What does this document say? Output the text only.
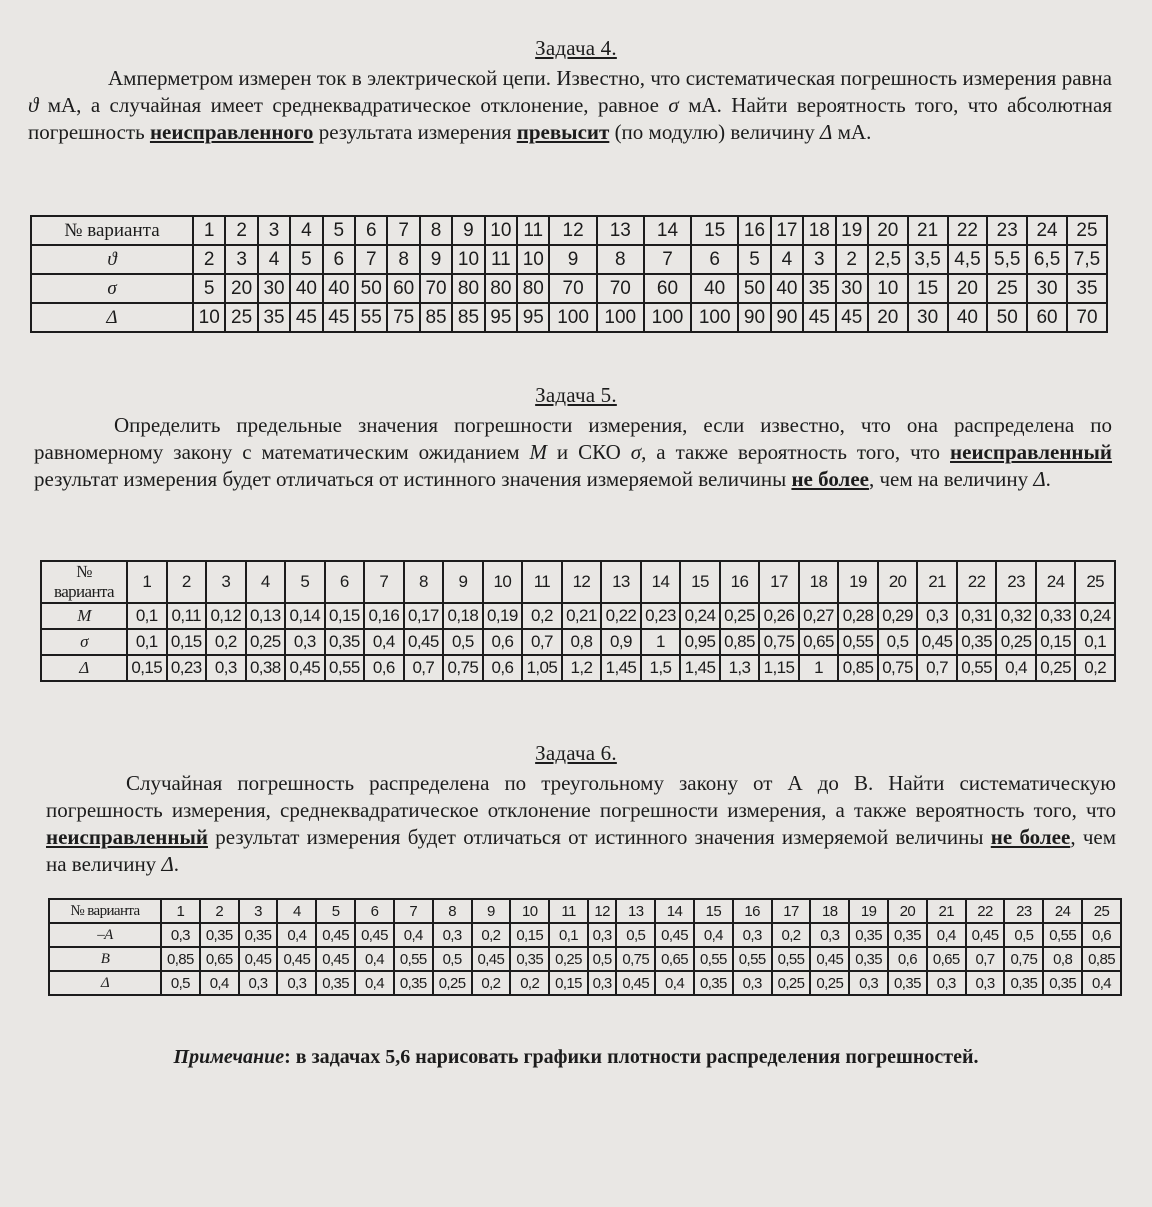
Задача 4.

Амперметром измерен ток в электрической цепи. Известно, что систематическая погрешность измерения равна ϑ мА, а случайная имеет среднеквадратическое отклонение, равное σ мА. Найти вероятность того, что абсолютная погрешность неисправленного результата измерения превысит (по модулю) величину Δ мА.

№ варианта	1	2	3	4	5	6	7	8	9	10	11	12	13	14	15	16	17	18	19	20	21	22	23	24	25
ϑ	2	3	4	5	6	7	8	9	10	11	10	9	8	7	6	5	4	3	2	2,5	3,5	4,5	5,5	6,5	7,5
σ	5	20	30	40	40	50	60	70	80	80	80	70	70	60	40	50	40	35	30	10	15	20	25	30	35
Δ	10	25	35	45	45	55	75	85	85	95	95	100	100	100	100	90	90	45	45	20	30	40	50	60	70
Задача 5.

Определить предельные значения погрешности измерения, если известно, что она распределена по равномерному закону с математическим ожиданием M и СКО σ, а также вероятность того, что неисправленный результат измерения будет отличаться от истинного значения измеряемой величины не более, чем на величину Δ.

№
варианта	1	2	3	4	5	6	7	8	9	10	11	12	13	14	15	16	17	18	19	20	21	22	23	24	25
M	0,1	0,11	0,12	0,13	0,14	0,15	0,16	0,17	0,18	0,19	0,2	0,21	0,22	0,23	0,24	0,25	0,26	0,27	0,28	0,29	0,3	0,31	0,32	0,33	0,24
σ	0,1	0,15	0,2	0,25	0,3	0,35	0,4	0,45	0,5	0,6	0,7	0,8	0,9	1	0,95	0,85	0,75	0,65	0,55	0,5	0,45	0,35	0,25	0,15	0,1
Δ	0,15	0,23	0,3	0,38	0,45	0,55	0,6	0,7	0,75	0,6	1,05	1,2	1,45	1,5	1,45	1,3	1,15	1	0,85	0,75	0,7	0,55	0,4	0,25	0,2
Задача 6.

Случайная погрешность распределена по треугольному закону от А до В. Найти систематическую погрешность измерения, среднеквадратическое отклонение погрешности измерения, а также вероятность того, что неисправленный результат измерения будет отличаться от истинного значения измеряемой величины не более, чем на величину Δ.

№ варианта	1	2	3	4	5	6	7	8	9	10	11	12	13	14	15	16	17	18	19	20	21	22	23	24	25
–A	0,3	0,35	0,35	0,4	0,45	0,45	0,4	0,3	0,2	0,15	0,1	0,3	0,5	0,45	0,4	0,3	0,2	0,3	0,35	0,35	0,4	0,45	0,5	0,55	0,6
B	0,85	0,65	0,45	0,45	0,45	0,4	0,55	0,5	0,45	0,35	0,25	0,5	0,75	0,65	0,55	0,55	0,55	0,45	0,35	0,6	0,65	0,7	0,75	0,8	0,85
Δ	0,5	0,4	0,3	0,3	0,35	0,4	0,35	0,25	0,2	0,2	0,15	0,3	0,45	0,4	0,35	0,3	0,25	0,25	0,3	0,35	0,3	0,3	0,35	0,35	0,4
Примечание: в задачах 5,6 нарисовать графики плотности распределения погрешностей.
